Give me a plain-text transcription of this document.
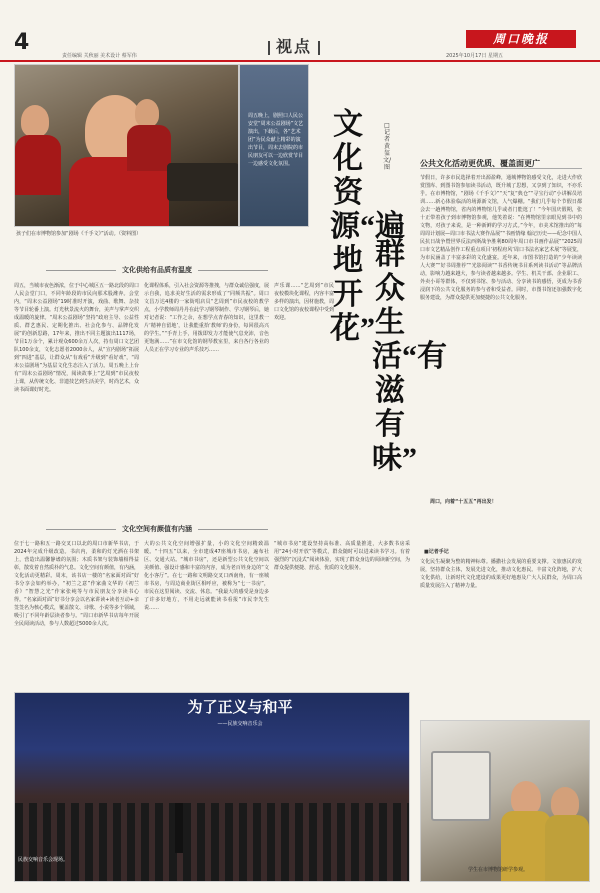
4
责任编辑 关秋丽 美术设计 蔡军伟	视点	周口晚报
2025年10月17日 星期五
周五晚上，剧照口人民公安堂“周末公益剧场”文艺演出，下载后，各“艺术团”为民众献上精彩的演出节目，周末去剧院的市民朋友可以一边欣赏节目一边感受文化氛围。
孩子们在市博物馆参加“剧场《千手文》”活动。（资料图）
文化资源“遍地开花”
□记者 黄玺 文/图
群众生活“有滋有味”
文化供给有品质有温度
周五，当城市夜色渐浓，位于中心城区五一路北段的周口人民会堂门口，不同年龄段的市民向那术股潍奔。会堂内，“周末公益剧场”19时准时开演，戏曲、歌舞、杂技等节目轮番上演。灯光秋景流火的舞台，美声与掌声交织成温暖的旋律。“周末公益剧场”坚持“政府主导、公益性质、群艺惠民、定期化推出、社会化参与、品牌化发展”的创新思路，17年来，推出不同主题演出1117场，节目1万余个，累计观众600余万人次，持有周口文艺团队100余支，文化志愿者2000余人，从“宣内剧场”拓展到“四进”基层，让群众从“有戏看”升级到“看好戏”，“周末公益剧场”为基层文化生态注入了活力。周五晚上上台有“周末公益剧场”情况，阅读故事上“艺周到”市民夜校上课，从传统文化、非遗技艺到生活美学，时尚艺术，众读书面课好时光。
化课程体系，引入社会资源等推拽，与群众诚信强度，展示自我，追求美好生活的需求形成了“同频共振”。周口文昌万达4楼的一家街唱店员“艺周到”市民夜校的教学点，小学教师周丹丹在此学习钢琴制作、学习钢琴后，她对记者说：“工作之余，在想学点青春的知识，这里教一片‘精神自留地’，让我能重拾‘教师’的身份，每回很高兴的学生。”“手青上手，用拨即发力才能使气息充沛，音色更饱满……”在市文化馆的钢琴教室里，来自各行各业的人员正在学习专业的声乐技巧……
声乐课……“艺周到”市民夜校模块化课程，内容丰富多样的演出，因材施教，周口文化馆的夜校课程中受到欢迎。
公共文化活动更优质、覆盖面更广
节假日，许多市民选择着开出源盈峰，通城博物馆感受文化，走进大作欣赏图库、到图书馆参加读书活动，既升城了思想，又享到了知识，不亦乐乎。在市博物馆，“剧场《千手文》”“天”复“典仓”“寻宝行动”小讲解员培训……新心体验临活的场源新文馆，人气爆棚。“我们几乎每个节假日都会去一趟博物馆，省内的博物馆几乎或者门能逛了！”今年国庆假期，张十正带着孩子到市博物馆参观，他笑着说：“在博物馆里亲眼见到书中的文物，对孩子来说，是一种新鲜的学习方式。”今年，市美术馆推出的“每周周计划展—周口市书法大赛作品展”“书画情缘 翰记历史——纪念中国人民抗日战争暨世界反法西斯战争胜利80周年周口市书画作品展”“2025周口市文艺精品创作工程重点项目‘初程府风’周口书法名家艺术展”等展览，为市民涵盖了丰富多彩的文化盛宴。近年来，市图书馆打造的“少年读读人大赛”“好书周推荐”“光影阅读”“书香传统书目系列读书活动”等品牌活动，影响力越来越大，参与读者越来越多。学生、机关干部、企业职工、外卖小哥等群体，不仅到书馆、参与活动、分享读书的感悟，更成为书香浸润下的公共文化服务的参与者和受益者。同时，市图书馆还加强数字化服务建设，为群众提供更加便捷的公共文化服务。
周口，向着“十五五”再出发！
■记者手记
文化民生凝聚为整的精神标尊。播撒社会发展的重要支撑。文旅惠民的发展，坚持群众主体，发展先进文化，推动文化惠民。丰富文化阵地，扩大文化供给，让新时代文化建设的成果更好地惠及广大人民群众，为周口高质量发展注入了精神力量。
文化空间有颜值有内涵
位于七一路和五一路交叉口以北的周口市新华书店，于2024年完成升级改造。书店内，柔和的灯光洒在书架上，营造出温馨静谧的氛围；木质书架与装饰墙相得益彰，散发着自然质朴的气息。文化空间有颜值，有内涵，文化活动更精彩。周末，该书店一楼的“名家面对面”好书分享会如约举办，“初兰之意”作家曲文华的《初兰香》“智慧之光”作家张纯等与市民朋友分享读书心得。“名家面对面”好书分享会以名家讲读+读者互动+亲签签名为核心模式，覆盖散文、诗歌、小说等多个领域，吸引了不同年龄层读者参与。“周口市新华书店每年开展全民阅读活动，参与人数超过5000余人次。
大的公共文化空间增强扩量，小的文化空间精致温暖。“十四五”以来，全市建成47座城市书房，遍布社区、交通大站。“城市书房”，还是新型公共文化空间以美颜值、强设计感和丰富的内容，成为老百姓身边的“文化小客厅”。在七一路和文明路交叉口西南角，有一座城市书房，与周边商业街区相呼应，被称为“七一书房”，市民在这里阅读、交流、休息。“我最大的感受是身边多了许多好地方，不用走远就能读书看报”市民李先生说……
“城市书房”建设坚持高标准、高质量推进，大多数书房采用“24小时开放”等模式，群众随时可以进来读书学习。有着强烈的“沉浸式”阅读体验，实现了群众身边的阅读新空间，为群众提供便捷、舒适、优质的文化服务。
为了正义与和平
——民族交响音乐会
民族交响音乐会现场。
学生在市博物馆研学参观。
